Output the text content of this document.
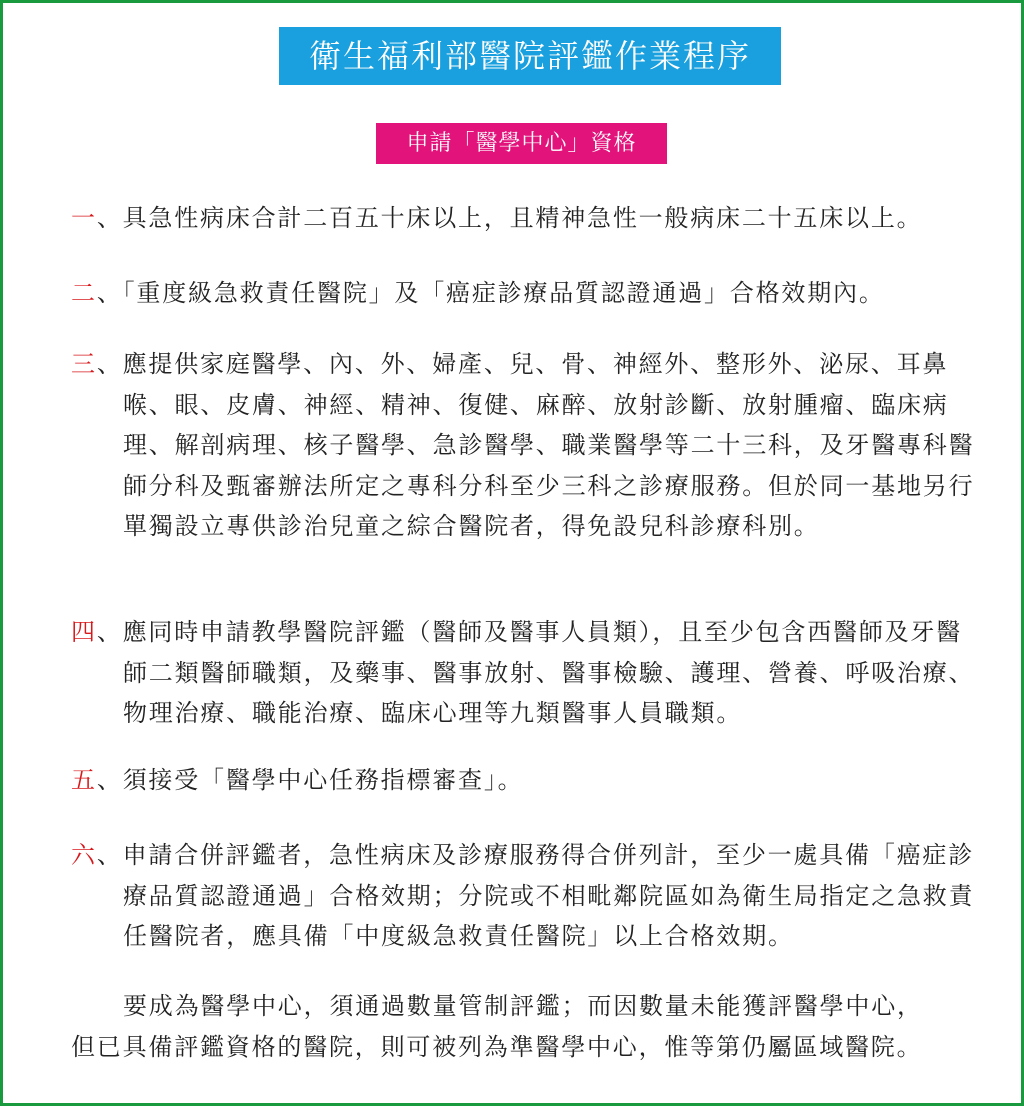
衛生福利部醫院評鑑作業程序
申請「醫學中心」資格
一、具急性病床合計二百五十床以上，且精神急性一般病床二十五床以上。
二、「重度級急救責任醫院」及「癌症診療品質認證通過」合格效期內。
三、應提供家庭醫學、內、外、婦產、兒、骨、神經外、整形外、泌尿、耳鼻喉、眼、皮膚、神經、精神、復健、麻醉、放射診斷、放射腫瘤、臨床病理、解剖病理、核子醫學、急診醫學、職業醫學等二十三科，及牙醫專科醫師分科及甄審辦法所定之專科分科至少三科之診療服務。但於同一基地另行單獨設立專供診治兒童之綜合醫院者，得免設兒科診療科別。
四、應同時申請教學醫院評鑑（醫師及醫事人員類），且至少包含西醫師及牙醫師二類醫師職類，及藥事、醫事放射、醫事檢驗、護理、營養、呼吸治療、物理治療、職能治療、臨床心理等九類醫事人員職類。
五、須接受「醫學中心任務指標審查」。
六、申請合併評鑑者，急性病床及診療服務得合併列計，至少一處具備「癌症診療品質認證通過」合格效期；分院或不相毗鄰院區如為衛生局指定之急救責任醫院者，應具備「中度級急救責任醫院」以上合格效期。
要成為醫學中心，須通過數量管制評鑑；而因數量未能獲評醫學中心，
但已具備評鑑資格的醫院，則可被列為準醫學中心，惟等第仍屬區域醫院。
